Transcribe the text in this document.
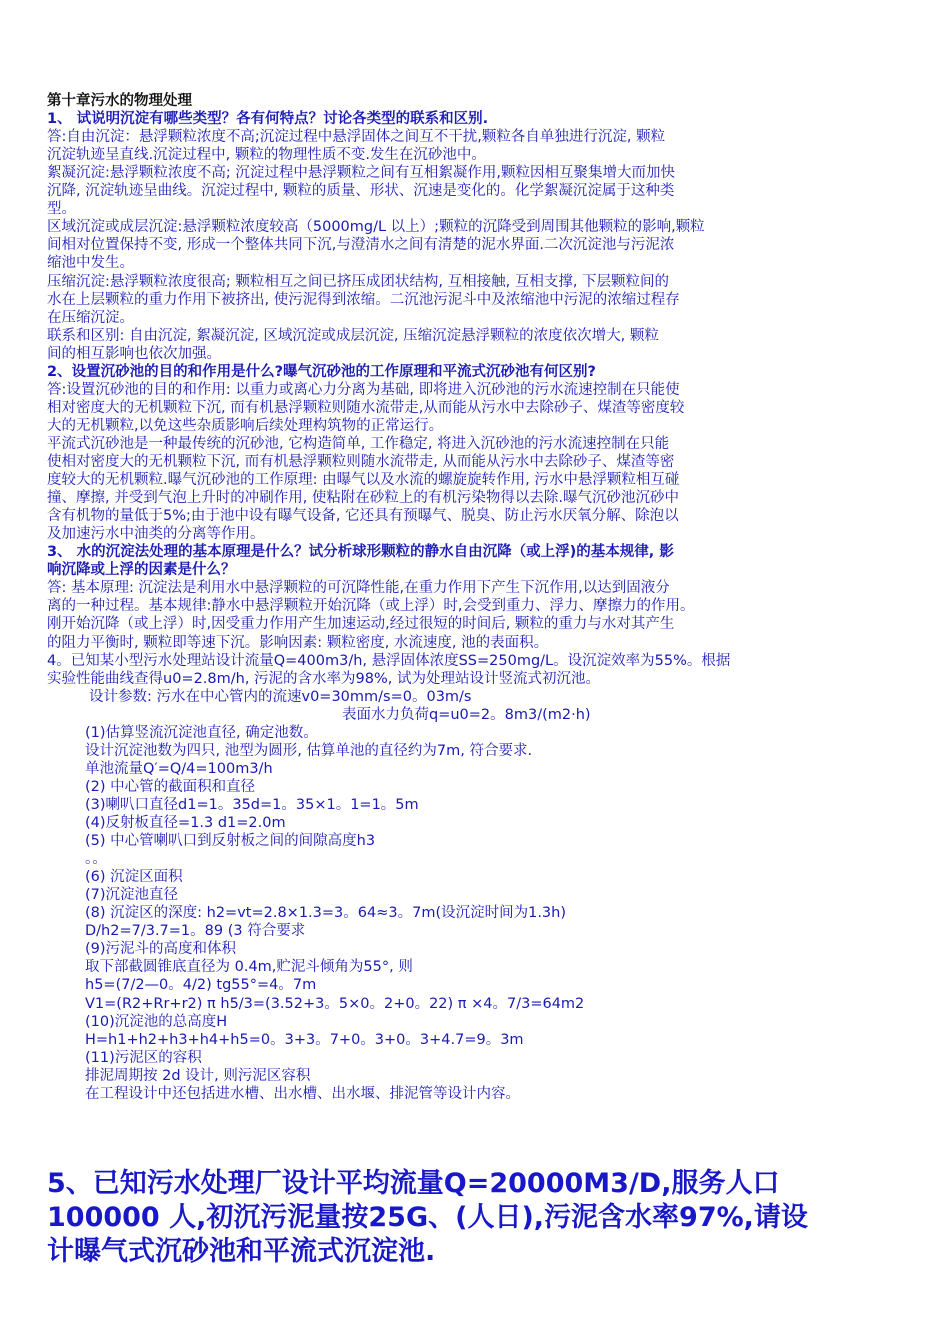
第十章污水的物理处理
1、 试说明沉淀有哪些类型？各有何特点？讨论各类型的联系和区别.
答:自由沉淀：悬浮颗粒浓度不高;沉淀过程中悬浮固体之间互不干扰,颗粒各自单独进行沉淀, 颗粒
沉淀轨迹呈直线.沉淀过程中, 颗粒的物理性质不变.发生在沉砂池中。
絮凝沉淀:悬浮颗粒浓度不高; 沉淀过程中悬浮颗粒之间有互相絮凝作用,颗粒因相互聚集增大而加快
沉降, 沉淀轨迹呈曲线。沉淀过程中, 颗粒的质量、形状、沉速是变化的。化学絮凝沉淀属于这种类
型。
区域沉淀或成层沉淀:悬浮颗粒浓度较高（5000mg/L 以上）;颗粒的沉降受到周围其他颗粒的影响,颗粒
间相对位置保持不变, 形成一个整体共同下沉,与澄清水之间有清楚的泥水界面.二次沉淀池与污泥浓
缩池中发生。
压缩沉淀:悬浮颗粒浓度很高; 颗粒相互之间已挤压成团状结构, 互相接触, 互相支撑, 下层颗粒间的
水在上层颗粒的重力作用下被挤出, 使污泥得到浓缩。二沉池污泥斗中及浓缩池中污泥的浓缩过程存
在压缩沉淀。
联系和区别: 自由沉淀, 絮凝沉淀, 区域沉淀或成层沉淀, 压缩沉淀悬浮颗粒的浓度依次增大, 颗粒
间的相互影响也依次加强。
2、设置沉砂池的目的和作用是什么?曝气沉砂池的工作原理和平流式沉砂池有何区别?
答:设置沉砂池的目的和作用: 以重力或离心力分离为基础, 即将进入沉砂池的污水流速控制在只能使
相对密度大的无机颗粒下沉, 而有机悬浮颗粒则随水流带走,从而能从污水中去除砂子、煤渣等密度较
大的无机颗粒,以免这些杂质影响后续处理构筑物的正常运行。
平流式沉砂池是一种最传统的沉砂池, 它构造简单, 工作稳定, 将进入沉砂池的污水流速控制在只能
使相对密度大的无机颗粒下沉, 而有机悬浮颗粒则随水流带走, 从而能从污水中去除砂子、煤渣等密
度较大的无机颗粒.曝气沉砂池的工作原理: 由曝气以及水流的螺旋旋转作用, 污水中悬浮颗粒相互碰
撞、摩擦, 并受到气泡上升时的冲刷作用, 使粘附在砂粒上的有机污染物得以去除.曝气沉砂池沉砂中
含有机物的量低于5%;由于池中设有曝气设备, 它还具有预曝气、脱臭、防止污水厌氧分解、除泡以
及加速污水中油类的分离等作用。
3、 水的沉淀法处理的基本原理是什么？试分析球形颗粒的静水自由沉降（或上浮)的基本规律, 影
响沉降或上浮的因素是什么？
答: 基本原理: 沉淀法是利用水中悬浮颗粒的可沉降性能,在重力作用下产生下沉作用,以达到固液分
离的一种过程。基本规律:静水中悬浮颗粒开始沉降（或上浮）时,会受到重力、浮力、摩擦力的作用。
刚开始沉降（或上浮）时,因受重力作用产生加速运动,经过很短的时间后, 颗粒的重力与水对其产生
的阻力平衡时, 颗粒即等速下沉。影响因素: 颗粒密度, 水流速度, 池的表面积。
4。已知某小型污水处理站设计流量Q=400m3/h, 悬浮固体浓度SS=250mg/L。设沉淀效率为55%。根据
实验性能曲线查得u0=2.8m/h, 污泥的含水率为98%, 试为处理站设计竖流式初沉池。
设计参数: 污水在中心管内的流速v0=30mm/s=0。03m/s
表面水力负荷q=u0=2。8m3/(m2·h)
(1)估算竖流沉淀池直径, 确定池数。
设计沉淀池数为四只, 池型为圆形, 估算单池的直径约为7m, 符合要求.
单池流量Q′=Q/4=100m3/h
(2) 中心管的截面积和直径
(3)喇叭口直径d1=1。35d=1。35×1。1=1。5m
(4)反射板直径=1.3 d1=2.0m
(5) 中心管喇叭口到反射板之间的间隙高度h3
。。
(6) 沉淀区面积
(7)沉淀池直径
(8) 沉淀区的深度: h2=vt=2.8×1.3=3。64≈3。7m(设沉淀时间为1.3h)
D/h2=7/3.7=1。89 (3 符合要求
(9)污泥斗的高度和体积
取下部截圆锥底直径为 0.4m,贮泥斗倾角为55°, 则
h5=(7/2—0。4/2) tg55°=4。7m
V1=(R2+Rr+r2) π h5/3=(3.52+3。5×0。2+0。22) π ×4。7/3=64m2
(10)沉淀池的总高度H
H=h1+h2+h3+h4+h5=0。3+3。7+0。3+0。3+4.7=9。3m
(11)污泥区的容积
排泥周期按 2d 设计, 则污泥区容积
在工程设计中还包括进水槽、出水槽、出水堰、排泥管等设计内容。
5、已知污水处理厂设计平均流量Q=20000M3/D,服务人口
100000 人,初沉污泥量按25G、(人日),污泥含水率97%,请设
计曝气式沉砂池和平流式沉淀池.
